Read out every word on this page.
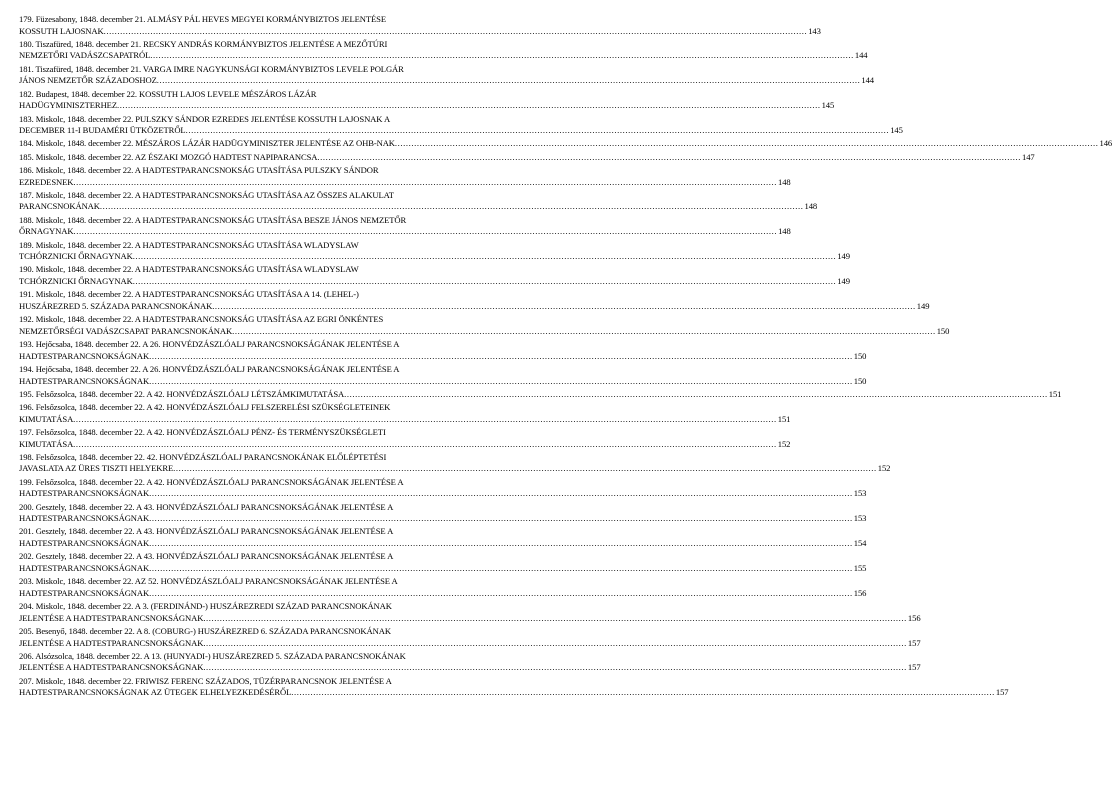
179. Füzesabony, 1848. december 21. ALMÁSY PÁL HEVES MEGYEI KORMÁNYBIZTOS JELENTÉSE
KOSSUTH LAJOSNAK .....	143
180. Tiszafüred, 1848. december 21. RECSKY ANDRÁS KORMÁNYBIZTOS JELENTÉSE A MEZŐTÚRI
NEMZETŐRI VADÁSZCSAPATRÓL .....	144
181. Tiszafüred, 1848. december 21. VARGA IMRE NAGYKUNSÁGI KORMÁNYBIZTOS LEVELE POLGÁR
JÁNOS NEMZETŐR SZÁZADOSHOZ .....	144
182. Budapest, 1848. december 22. KOSSUTH LAJOS LEVELE MÉSZÁROS LÁZÁR
HADÜGYMINISZTERHEZ .....	145
183. Miskolc, 1848. december 22. PULSZKY SÁNDOR EZREDES JELENTÉSE KOSSUTH LAJOSNAK A
DECEMBER 11-I BUDAMÉRI ÜTKÖZETRŐL .....	145
184. Miskolc, 1848. december 22. MÉSZÁROS LÁZÁR HADÜGYMINISZTER JELENTÉSE AZ OHB-NAK .....	146
185. Miskolc, 1848. december 22. AZ ÉSZAKI MOZGÓ HADTEST NAPIPARANCSA .....	147
186. Miskolc, 1848. december 22. A HADTESTPARANCSNOKSÁG UTASÍTÁSA PULSZKY SÁNDOR
EZREDESNEK .....	148
187. Miskolc, 1848. december 22. A HADTESTPARANCSNOKSÁG UTASÍTÁSA AZ ÖSSZES ALAKULAT
PARANCSNOKÁNAK .....	148
188. Miskolc, 1848. december 22. A HADTESTPARANCSNOKSÁG UTASÍTÁSA BESZE JÁNOS NEMZETŐR
ŐRNAGYNAK .....	148
189. Miskolc, 1848. december 22. A HADTESTPARANCSNOKSÁG UTASÍTÁSA WLADYSLAW
TCHÓRZNICKI ŐRNAGYNAK .....	149
190. Miskolc, 1848. december 22. A HADTESTPARANCSNOKSÁG UTASÍTÁSA WLADYSLAW
TCHÓRZNICKI ŐRNAGYNAK .....	149
191. Miskolc, 1848. december 22. A HADTESTPARANCSNOKSÁG UTASÍTÁSA A 14. (LEHEL-)
HUSZÁREZRED 5. SZÁZADA PARANCSNOKÁNAK .....	149
192. Miskolc, 1848. december 22. A HADTESTPARANCSNOKSÁG UTASÍTÁSA AZ EGRI ÖNKÉNTES
NEMZETŐRSÉGI VADÁSZCSAPAT PARANCSNOKÁNAK .....	150
193. Hejőcsaba, 1848. december 22. A 26. HONVÉDZÁSZLÓALJ PARANCSNOKSÁGÁNAK JELENTÉSE A
HADTESTPARANCSNOKSÁGNAK .....	150
194. Hejőcsaba, 1848. december 22. A 26. HONVÉDZÁSZLÓALJ PARANCSNOKSÁGÁNAK JELENTÉSE A
HADTESTPARANCSNOKSÁGNAK .....	150
195. Felsőzsolca, 1848. december 22. A 42. HONVÉDZÁSZLÓALJ LÉTSZÁMKIMUTATÁSA .....	151
196. Felsőzsolca, 1848. december 22. A 42. HONVÉDZÁSZLÓALJ FELSZERELÉSI SZÜKSÉGLETEINEK
KIMUTATÁSA .....	151
197. Felsőzsolca, 1848. december 22. A 42. HONVÉDZÁSZLÓALJ PÉNZ- ÉS TERMÉNYSZÜKSÉGLETI
KIMUTATÁSA .....	152
198. Felsőzsolca, 1848. december 22. 42. HONVÉDZÁSZLÓALJ PARANCSNOKÁNAK ELŐLÉPTETÉSI
JAVASLATA AZ ÜRES TISZTI HELYEKRE .....	152
199. Felsőzsolca, 1848. december 22. A 42. HONVÉDZÁSZLÓALJ PARANCSNOKSÁGÁNAK JELENTÉSE A
HADTESTPARANCSNOKSÁGNAK .....	153
200. Gesztely, 1848. december 22. A 43. HONVÉDZÁSZLÓALJ PARANCSNOKSÁGÁNAK JELENTÉSE A
HADTESTPARANCSNOKSÁGNAK .....	153
201. Gesztely, 1848. december 22. A 43. HONVÉDZÁSZLÓALJ PARANCSNOKSÁGÁNAK JELENTÉSE A
HADTESTPARANCSNOKSÁGNAK .....	154
202. Gesztely, 1848. december 22. A 43. HONVÉDZÁSZLÓALJ PARANCSNOKSÁGÁNAK JELENTÉSE A
HADTESTPARANCSNOKSÁGNAK .....	155
203. Miskolc, 1848. december 22. AZ 52. HONVÉDZÁSZLÓALJ PARANCSNOKSÁGÁNAK JELENTÉSE A
HADTESTPARANCSNOKSÁGNAK .....	156
204. Miskolc, 1848. december 22. A 3. (FERDINÁND-) HUSZÁREZREDI SZÁZAD PARANCSNOKÁNAK
JELENTÉSE A HADTESTPARANCSNOKSÁGNAK .....	156
205. Besenyő, 1848. december 22. A 8. (COBURG-) HUSZÁREZRED 6. SZÁZADA PARANCSNOKÁNAK
JELENTÉSE A HADTESTPARANCSNOKSÁGNAK .....	157
206. Alsózsolca, 1848. december 22. A 13. (HUNYADI-) HUSZÁREZRED 5. SZÁZADA PARANCSNOKÁNAK
JELENTÉSE A HADTESTPARANCSNOKSÁGNAK .....	157
207. Miskolc, 1848. december 22. FRIWISZ FERENC SZÁZADOS, TÜZÉRPARANCSNOK JELENTÉSE A
HADTESTPARANCSNOKSÁGNAK AZ ÜTEGEK ELHELYEZKEDÉSÉRŐL .....	157
